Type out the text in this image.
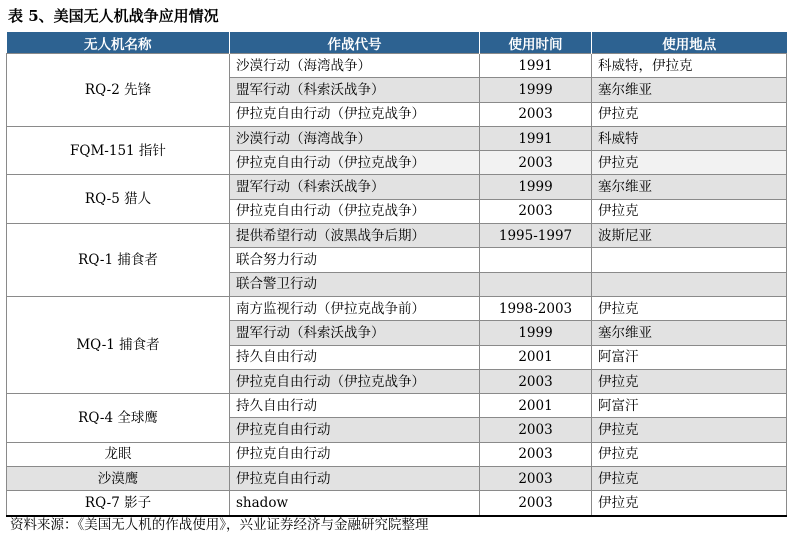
表 5、美国无人机战争应用情况
无人机名称	作战代号	使用时间	使用地点
RQ-2 先锋	沙漠行动（海湾战争）	1991	科威特，伊拉克
	盟军行动（科索沃战争）	1999	塞尔维亚
	伊拉克自由行动（伊拉克战争）	2003	伊拉克
FQM-151 指针	沙漠行动（海湾战争）	1991	科威特
	伊拉克自由行动（伊拉克战争）	2003	伊拉克
RQ-5 猎人	盟军行动（科索沃战争）	1999	塞尔维亚
	伊拉克自由行动（伊拉克战争）	2003	伊拉克
RQ-1 捕食者	提供希望行动（波黑战争后期）	1995-1997	波斯尼亚
	联合努力行动		
	联合警卫行动		
MQ-1 捕食者	南方监视行动（伊拉克战争前）	1998-2003	伊拉克
	盟军行动（科索沃战争）	1999	塞尔维亚
	持久自由行动	2001	阿富汗
	伊拉克自由行动（伊拉克战争）	2003	伊拉克
RQ-4 全球鹰	持久自由行动	2001	阿富汗
	伊拉克自由行动	2003	伊拉克
龙眼	伊拉克自由行动	2003	伊拉克
沙漠鹰	伊拉克自由行动	2003	伊拉克
RQ-7 影子	shadow	2003	伊拉克
资料来源：《美国无人机的作战使用》，兴业证券经济与金融研究院整理
